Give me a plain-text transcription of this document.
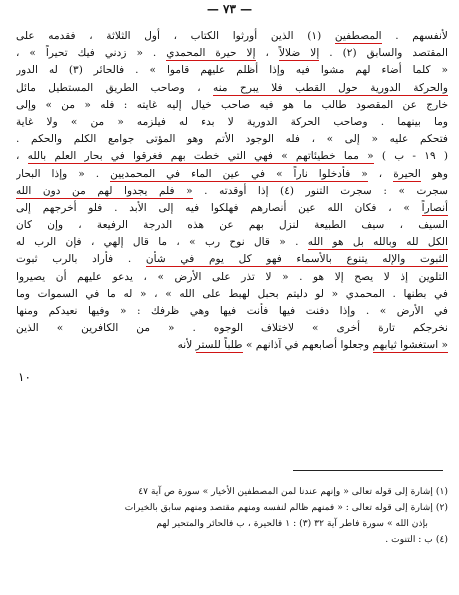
— ٧٣ —
لأنفسهم . المصطفين (١) الذين أورثوا الكتاب ، أول الثلاثة ، فقدمه على
المقتصد والسابق (٢) . إلا ضلالاً ، إلا حيرة المحمدي . « زدني فيك تحيراً » ،
« كلما أضاء لهم مشوا فيه وإذا أظلم عليهم قاموا » . فالحائر (٣) له الدور
والحركة الدورية حول القطب فلا يبرح منه ، وصاحب الطريق المستطيل مائل
خارج عن المقصود طالب ما هو فيه صاحب خيال إليه غايته : فله « من » وإلى
وما بينهما . وصاحب الحركة الدورية لا بدء له فيلزمه « من » ولا غاية
فتحكم عليه « إلى » ، فله الوجود الأتم وهو المؤتى جوامع الكلم والحكم .
( ١٩ - ب ) « مما خطيئاتهم » فهي التي خطت بهم فغرقوا في بحار العلم بالله ،
وهو الحيرة ، « فأدخلوا ناراً » في عين الماء في المحمديين . « وإذا البحار
سجرت » : سجرت التنور (٤) إذا أوقدته . « فلم يجدوا لهم من دون الله
أنصاراً » ، فكان الله عين أنصارهم فهلكوا فيه إلى الأبد . فلو أخرجهم إلى
السيف ، سيف الطبيعة لنزل بهم عن هذه الدرجة الرفيعة ، وإن كان
الكل لله وبالله بل هو الله . « قال نوح رب » ، ما قال إلهي ، فإن الرب له
الثبوت والإله يتنوع بالأسماء فهو كل يوم في شأن . فأراد بالرب ثبوت
التلوين إذ لا يصح إلا هو . « لا تذر على الأرض » ، يدعو عليهم أن يصيروا
في بطنها . المحمدي « لو دليتم بحبل لهبط على الله » ، « له ما في السموات وما
في الأرض » . وإذا دفنت فيها فأنت فيها وهي ظرفك : « وفيها نعيدكم ومنها
نخرجكم تارة أخرى » لاختلاف الوجوه . « من الكافرين » الذين
« استغشوا ثيابهم وجعلوا أصابعهم في آذانهم » طلباً للستر لأنه
١٠
(١) إشارة إلى قوله تعالى « وإنهم عندنا لمن المصطفين الأخيار » سورة ص آية ٤٧
(٢) إشارة إلى قوله تعالى : « فمنهم ظالم لنفسه ومنهم مقتصد ومنهم سابق بالخيرات
بإذن الله » سورة فاطر آية ٣٢ (٣) : ١ فالحيرة ، ب فالحائر والمتحير لهم
(٤) ب : التنوت .
